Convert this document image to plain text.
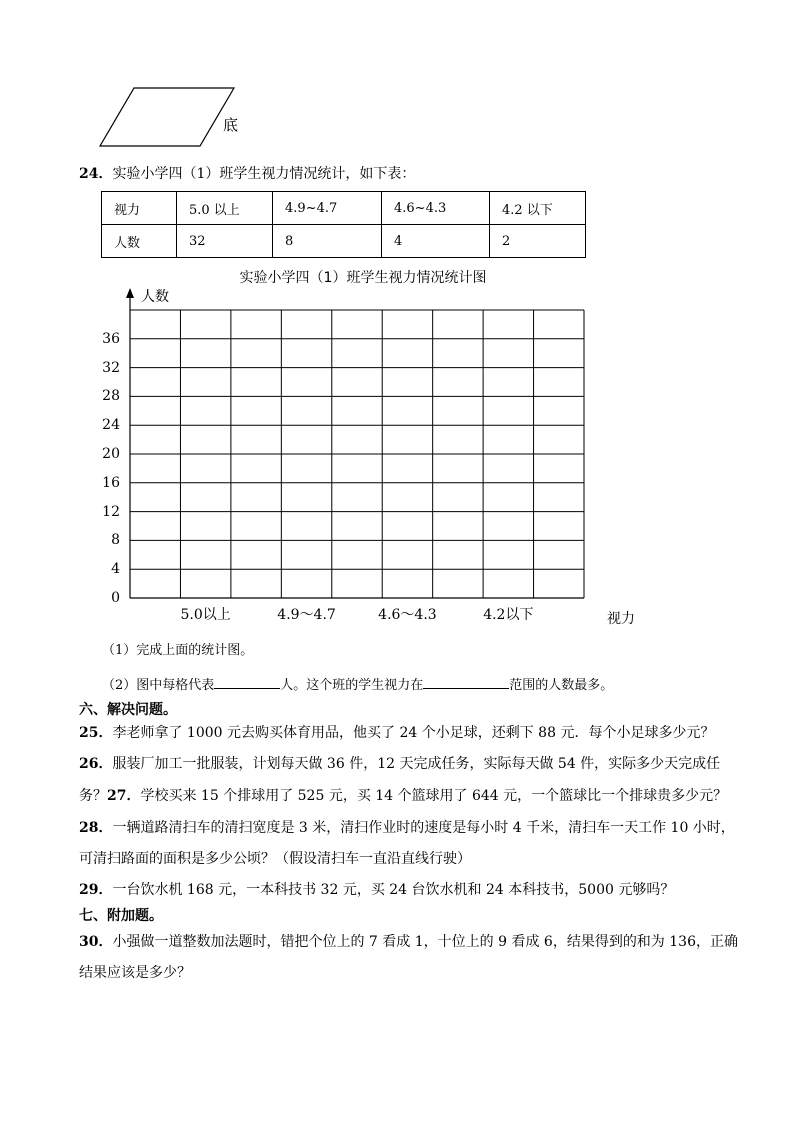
底
24．实验小学四（1）班学生视力情况统计，如下表：
视力	5.0 以上	4.9~4.7	4.6~4.3	4.2 以下
人数	32	8	4	2
实验小学四（1）班学生视力情况统计图
人数
视力
0
4
8
12
16
20
24
28
32
36
5.0以上	4.9～4.7	4.6～4.3	4.2以下
（1）完成上面的统计图。
（2）图中每格代表	人。这个班的学生视力在	范围的人数最多。
六、解决问题。
25．李老师拿了 1000 元去购买体育用品，他买了 24 个小足球，还剩下 88 元．每个小足球多少元？
26．服装厂加工一批服装，计划每天做 36 件，12 天完成任务，实际每天做 54 件，实际多少天完成任
务？27．学校买来 15 个排球用了 525 元，买 14 个篮球用了 644 元，一个篮球比一个排球贵多少元？
28．一辆道路清扫车的清扫宽度是 3 米，清扫作业时的速度是每小时 4 千米，清扫车一天工作 10 小时，
可清扫路面的面积是多少公顷？（假设清扫车一直沿直线行驶）
29．一台饮水机 168 元，一本科技书 32 元，买 24 台饮水机和 24 本科技书，5000 元够吗？
七、附加题。
30．小强做一道整数加法题时，错把个位上的 7 看成 1，十位上的 9 看成 6，结果得到的和为 136，正确
结果应该是多少？
